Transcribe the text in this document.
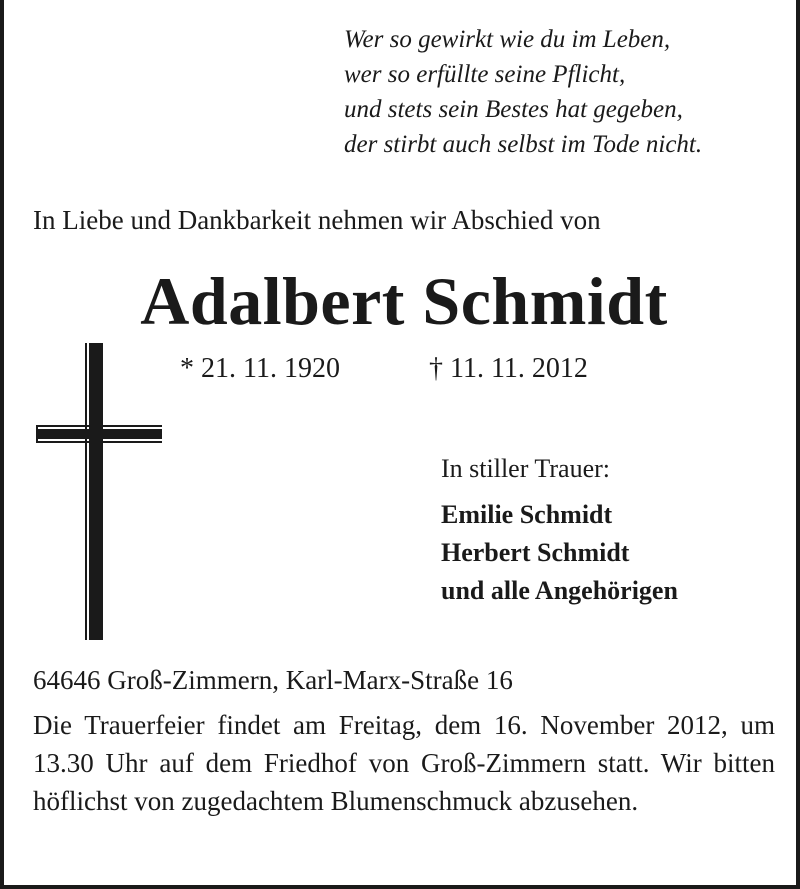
Wer so gewirkt wie du im Leben,
wer so erfüllte seine Pflicht,
und stets sein Bestes hat gegeben,
der stirbt auch selbst im Tode nicht.
In Liebe und Dankbarkeit nehmen wir Abschied von
Adalbert Schmidt
* 21. 11. 1920	† 11. 11. 2012
In stiller Trauer:
Emilie Schmidt
Herbert Schmidt
und alle Angehörigen
64646 Groß-Zimmern, Karl-Marx-Straße 16
Die Trauerfeier findet am Freitag, dem 16. November 2012, um 13.30 Uhr auf dem Friedhof von Groß-Zimmern statt. Wir bitten höflichst von zugedachtem Blumenschmuck abzusehen.
